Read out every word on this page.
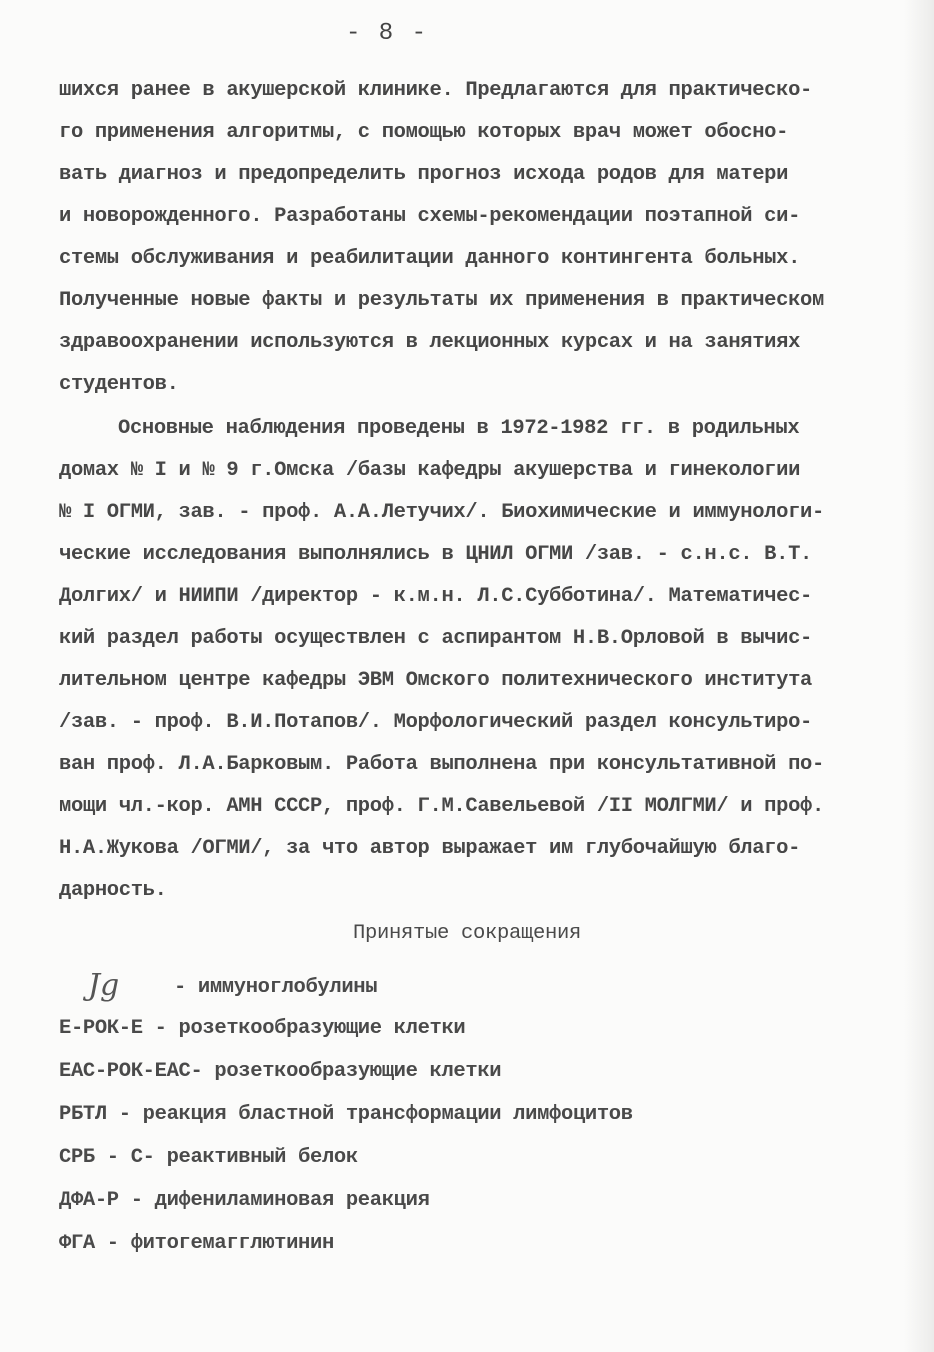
- 8 -
шихся ранее в акушерской клинике. Предлагаются для практическо-
го применения алгоритмы, с помощью которых врач может обосно-
вать диагноз и предопределить прогноз исхода родов для матери
и новорожденного. Разработаны схемы-рекомендации поэтапной си-
стемы обслуживания и реабилитации данного контингента больных.
Полученные новые факты и результаты их применения в практическом
здравоохранении используются в лекционных курсах и на занятиях
студентов.
Основные наблюдения проведены в 1972-1982 гг. в родильных
домах № I и № 9 г.Омска /базы кафедры акушерства и гинекологии
№ I ОГМИ, зав. - проф. А.А.Летучих/. Биохимические и иммунологи-
ческие исследования выполнялись в ЦНИЛ ОГМИ /зав. - с.н.с. В.Т.
Долгих/ и НИИПИ /директор - к.м.н. Л.С.Субботина/. Математичес-
кий раздел работы осуществлен с аспирантом Н.В.Орловой в вычис-
лительном центре кафедры ЭВМ Омского политехнического института
/зав. - проф. В.И.Потапов/. Морфологический раздел консультиро-
ван проф. Л.А.Барковым. Работа выполнена при консультативной по-
мощи чл.-кор. АМН СССР, проф. Г.М.Савельевой /II МОЛГМИ/ и проф.
Н.А.Жукова /ОГМИ/, за что автор выражает им глубочайшую благо-
дарность.
Принятые сокращения
Jg	- иммуноглобулины
Е-РОК-Е - розеткообразующие клетки
ЕАС-РОК-ЕАС- розеткообразующие клетки
РБТЛ - реакция бластной трансформации лимфоцитов
СРБ - С- реактивный белок
ДФА-Р - дифениламиновая реакция
ФГА - фитогемагглютинин
